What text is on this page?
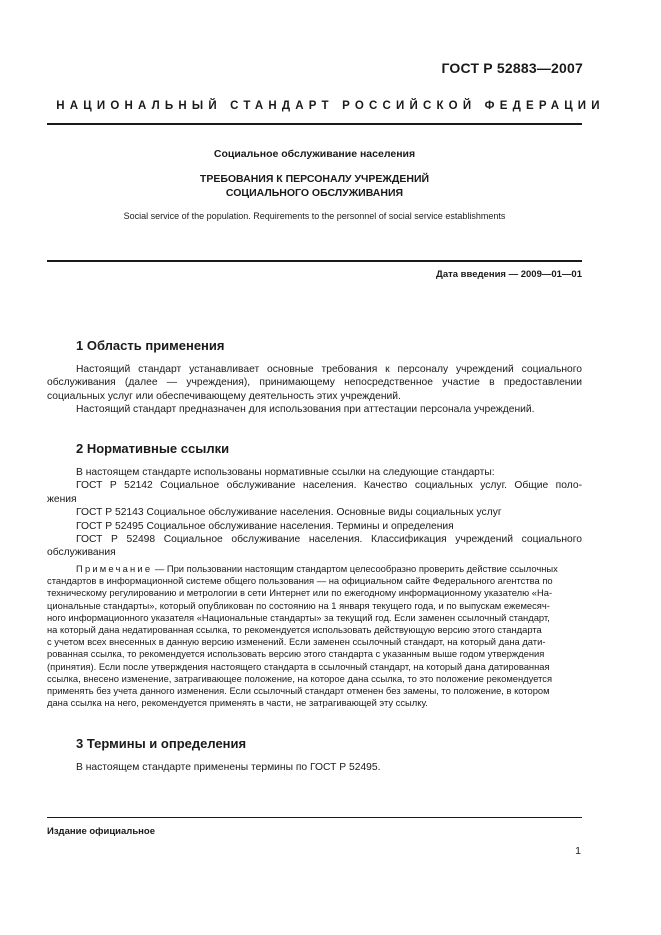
ГОСТ Р 52883—2007
НАЦИОНАЛЬНЫЙ СТАНДАРТ РОССИЙСКОЙ ФЕДЕРАЦИИ
Социальное обслуживание населения
ТРЕБОВАНИЯ К ПЕРСОНАЛУ УЧРЕЖДЕНИЙ
СОЦИАЛЬНОГО ОБСЛУЖИВАНИЯ
Social service of the population. Requirements to the personnel of social service establishments
Дата введения — 2009—01—01
1 Область применения
Настоящий стандарт устанавливает основные требования к персоналу учреждений социального
обслуживания (далее — учреждения), принимающему непосредственное участие в предоставлении
социальных услуг или обеспечивающему деятельность этих учреждений.
Настоящий стандарт предназначен для использования при аттестации персонала учреждений.
2 Нормативные ссылки
В настоящем стандарте использованы нормативные ссылки на следующие стандарты:
ГОСТ Р 52142 Социальное обслуживание населения. Качество социальных услуг. Общие поло-
жения
ГОСТ Р 52143 Социальное обслуживание населения. Основные виды социальных услуг
ГОСТ Р 52495 Социальное обслуживание населения. Термины и определения
ГОСТ Р 52498 Социальное обслуживание населения. Классификация учреждений социального
обслуживания
Примечание — При пользовании настоящим стандартом целесообразно проверить действие ссылочных
стандартов в информационной системе общего пользования — на официальном сайте Федерального агентства по
техническому регулированию и метрологии в сети Интернет или по ежегодному информационному указателю «На-
циональные стандарты», который опубликован по состоянию на 1 января текущего года, и по выпускам ежемесяч-
ного информационного указателя «Национальные стандарты» за текущий год. Если заменен ссылочный стандарт,
на который дана недатированная ссылка, то рекомендуется использовать действующую версию этого стандарта
с учетом всех внесенных в данную версию изменений. Если заменен ссылочный стандарт, на который дана дати-
рованная ссылка, то рекомендуется использовать версию этого стандарта с указанным выше годом утверждения
(принятия). Если после утверждения настоящего стандарта в ссылочный стандарт, на который дана датированная
ссылка, внесено изменение, затрагивающее положение, на которое дана ссылка, то это положение рекомендуется
применять без учета данного изменения. Если ссылочный стандарт отменен без замены, то положение, в котором
дана ссылка на него, рекомендуется применять в части, не затрагивающей эту ссылку.
3 Термины и определения
В настоящем стандарте применены термины по ГОСТ Р 52495.
Издание официальное
1
